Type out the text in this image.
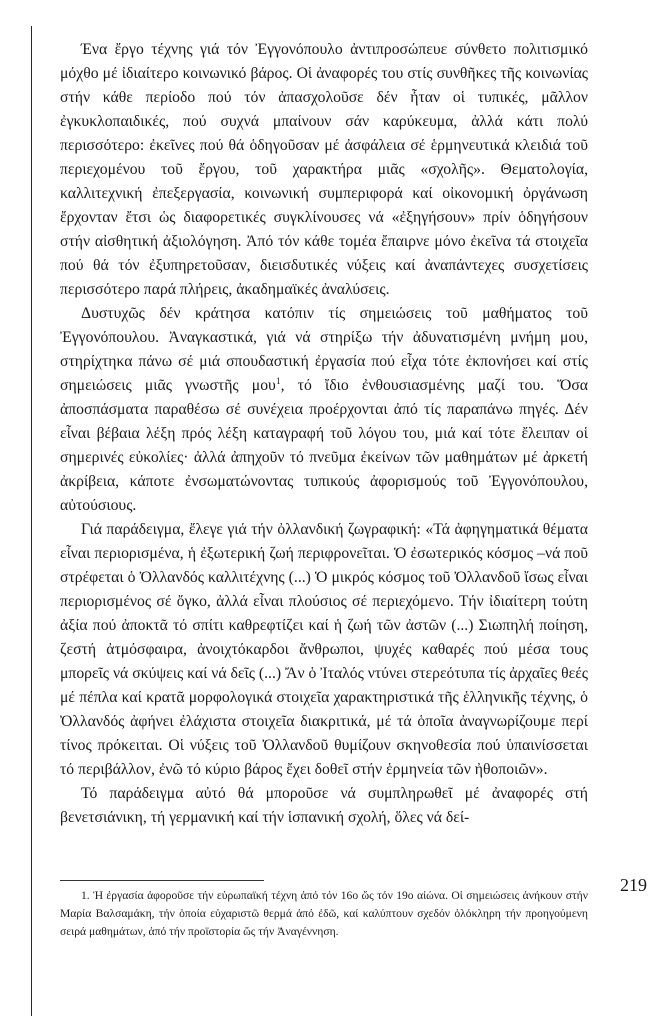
Ένα ἔργο τέχνης γιά τόν Ἐγγονόπουλο ἀντιπροσώπευε σύνθετο πολιτισμικό μόχθο μέ ἰδιαίτερο κοινωνικό βάρος. Οἱ ἀναφορές του στίς συνθῆκες τῆς κοινωνίας στήν κάθε περίοδο πού τόν ἀπασχολοῦσε δέν ἦταν οἱ τυπικές, μᾶλλον ἐγκυκλοπαιδικές, πού συχνά μπαίνουν σάν καρύκευμα, ἀλλά κάτι πολύ περισσότερο: ἐκεῖνες πού θά ὁδηγοῦσαν μέ ἀσφάλεια σέ ἑρμηνευτικά κλειδιά τοῦ περιεχομένου τοῦ ἔργου, τοῦ χαρακτήρα μιᾶς «σχολῆς». Θεματολογία, καλλιτεχνική ἐπεξεργασία, κοινωνική συμπεριφορά καί οἰκονομική ὀργάνωση ἔρχονταν ἔτσι ὡς διαφορετικές συγκλίνουσες νά «ἐξηγήσουν» πρίν ὁδηγήσουν στήν αἰσθητική ἀξιολόγηση. Ἀπό τόν κάθε τομέα ἔπαιρνε μόνο ἐκεῖνα τά στοιχεῖα πού θά τόν ἐξυπηρετοῦσαν, διεισδυτικές νύξεις καί ἀναπάντεχες συσχετίσεις περισσότερο παρά πλήρεις, ἀκαδημαϊκές ἀναλύσεις.

Δυστυχῶς δέν κράτησα κατόπιν τίς σημειώσεις τοῦ μαθήματος τοῦ Ἐγγονόπουλου. Ἀναγκαστικά, γιά νά στηρίξω τήν ἀδυνατισμένη μνήμη μου, στηρίχτηκα πάνω σέ μιά σπουδαστική ἐργασία πού εἶχα τότε ἐκπονήσει καί στίς σημειώσεις μιᾶς γνωστῆς μου$^1$, τό ἴδιο ἐνθουσιασμένης μαζί του. Ὅσα ἀποσπάσματα παραθέσω σέ συνέχεια προέρχονται ἀπό τίς παραπάνω πηγές. Δέν εἶναι βέβαια λέξη πρός λέξη καταγραφή τοῦ λόγου του, μιά καί τότε ἔλειπαν οἱ σημερινές εὐκολίες· ἀλλά ἀπηχοῦν τό πνεῦμα ἐκείνων τῶν μαθημάτων μέ ἀρκετή ἀκρίβεια, κάποτε ἐνσωματώνοντας τυπικούς ἀφορισμούς τοῦ Ἐγγονόπουλου, αὐτούσιους.

Γιά παράδειγμα, ἔλεγε γιά τήν ὀλλανδική ζωγραφική: «Τά ἀφηγηματικά θέματα εἶναι περιορισμένα, ἡ ἐξωτερική ζωή περιφρονεῖται. Ὁ ἐσωτερικός κόσμος –νά ποῦ στρέφεται ὁ Ὀλλανδός καλλιτέχνης (...) Ὁ μικρός κόσμος τοῦ Ὀλλανδοῦ ἴσως εἶναι περιορισμένος σέ ὄγκο, ἀλλά εἶναι πλούσιος σέ περιεχόμενο. Τήν ἰδιαίτερη τούτη ἀξία πού ἀποκτᾶ τό σπίτι καθρεφτίζει καί ἡ ζωή τῶν ἀστῶν (...) Σιωπηλή ποίηση, ζεστή ἀτμόσφαιρα, ἀνοιχτόκαρδοι ἄνθρωποι, ψυχές καθαρές πού μέσα τους μπορεῖς νά σκύψεις καί νά δεῖς (...) Ἄν ὁ Ἰταλός ντύνει στερεότυπα τίς ἀρχαῖες θεές μέ πέπλα καί κρατᾶ μορφολογικά στοιχεῖα χαρακτηριστικά τῆς ἑλληνικῆς τέχνης, ὁ Ὀλλανδός ἀφήνει ἐλάχιστα στοιχεῖα διακριτικά, μέ τά ὁποῖα ἀναγνωρίζουμε περί τίνος πρόκειται. Οἱ νύξεις τοῦ Ὀλλανδοῦ θυμίζουν σκηνοθεσία πού ὑπαινίσσεται τό περιβάλλον, ἐνῶ τό κύριο βάρος ἔχει δοθεῖ στήν ἑρμηνεία τῶν ἠθοποιῶν».

Τό παράδειγμα αὐτό θά μποροῦσε νά συμπληρωθεῖ μέ ἀναφορές στή βενετσιάνικη, τή γερμανική καί τήν ἱσπανική σχολή, ὅλες νά δεί-

1. Ἡ ἐργασία ἀφοροῦσε τήν εὐρωπαϊκή τέχνη ἀπό τόν 16ο ὥς τόν 19ο αἰώνα. Οἱ σημειώσεις ἀνήκουν στήν Μαρία Βαλσαμάκη, τήν ὁποία εὐχαριστῶ θερμά ἀπό ἐδῶ, καί καλύπτουν σχεδόν ὁλόκληρη τήν προηγούμενη σειρά μαθημάτων, ἀπό τήν προϊστορία ὥς τήν Ἀναγέννηση.
219
